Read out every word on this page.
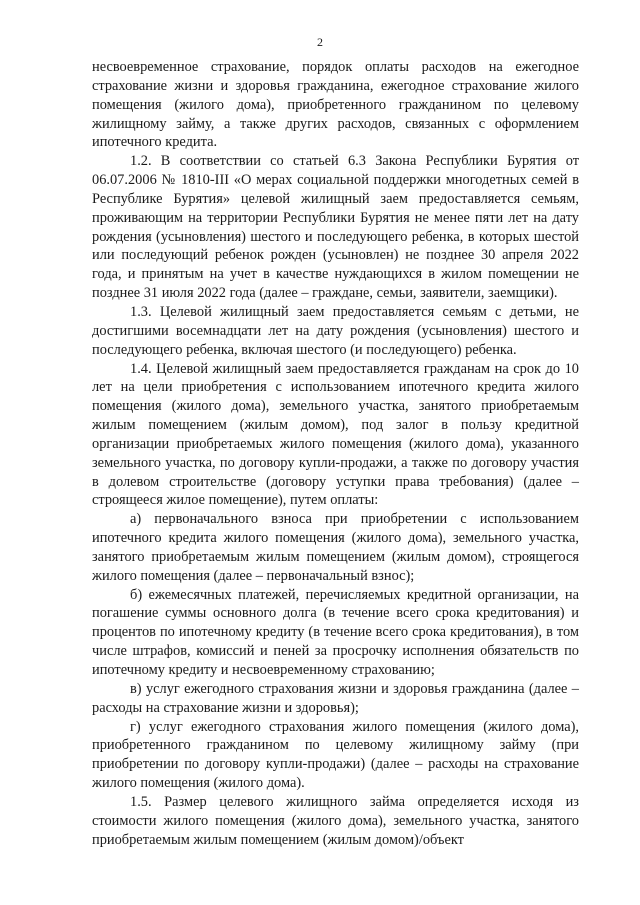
2

несвоевременное страхование, порядок оплаты расходов на ежегодное страхование жизни и здоровья гражданина, ежегодное страхование жилого помещения (жилого дома), приобретенного гражданином по целевому жилищному займу, а также других расходов, связанных с оформлением ипотечного кредита.

1.2. В соответствии со статьей 6.3 Закона Республики Бурятия от 06.07.2006 № 1810-III «О мерах социальной поддержки многодетных семей в Республике Бурятия» целевой жилищный заем предоставляется семьям, проживающим на территории Республики Бурятия не менее пяти лет на дату рождения (усыновления) шестого и последующего ребенка, в которых шестой или последующий ребенок рожден (усыновлен) не позднее 30 апреля 2022 года, и принятым на учет в качестве нуждающихся в жилом помещении не позднее 31 июля 2022 года (далее – граждане, семьи, заявители, заемщики).

1.3. Целевой жилищный заем предоставляется семьям с детьми, не достигшими восемнадцати лет на дату рождения (усыновления) шестого и последующего ребенка, включая шестого (и последующего) ребенка.

1.4. Целевой жилищный заем предоставляется гражданам на срок до 10 лет на цели приобретения с использованием ипотечного кредита жилого помещения (жилого дома), земельного участка, занятого приобретаемым жилым помещением (жилым домом), под залог в пользу кредитной организации приобретаемых жилого помещения (жилого дома), указанного земельного участка, по договору купли-продажи, а также по договору участия в долевом строительстве (договору уступки права требования) (далее – строящееся жилое помещение), путем оплаты:

а) первоначального взноса при приобретении с использованием ипотечного кредита жилого помещения (жилого дома), земельного участка, занятого приобретаемым жилым помещением (жилым домом), строящегося жилого помещения (далее – первоначальный взнос);

б) ежемесячных платежей, перечисляемых кредитной организации, на погашение суммы основного долга (в течение всего срока кредитования) и процентов по ипотечному кредиту (в течение всего срока кредитования), в том числе штрафов, комиссий и пеней за просрочку исполнения обязательств по ипотечному кредиту и несвоевременному страхованию;

в) услуг ежегодного страхования жизни и здоровья гражданина (далее – расходы на страхование жизни и здоровья);

г) услуг ежегодного страхования жилого помещения (жилого дома), приобретенного гражданином по целевому жилищному займу (при приобретении по договору купли-продажи) (далее – расходы на страхование жилого помещения (жилого дома).

1.5. Размер целевого жилищного займа определяется исходя из стоимости жилого помещения (жилого дома), земельного участка, занятого приобретаемым жилым помещением (жилым домом)/объект
